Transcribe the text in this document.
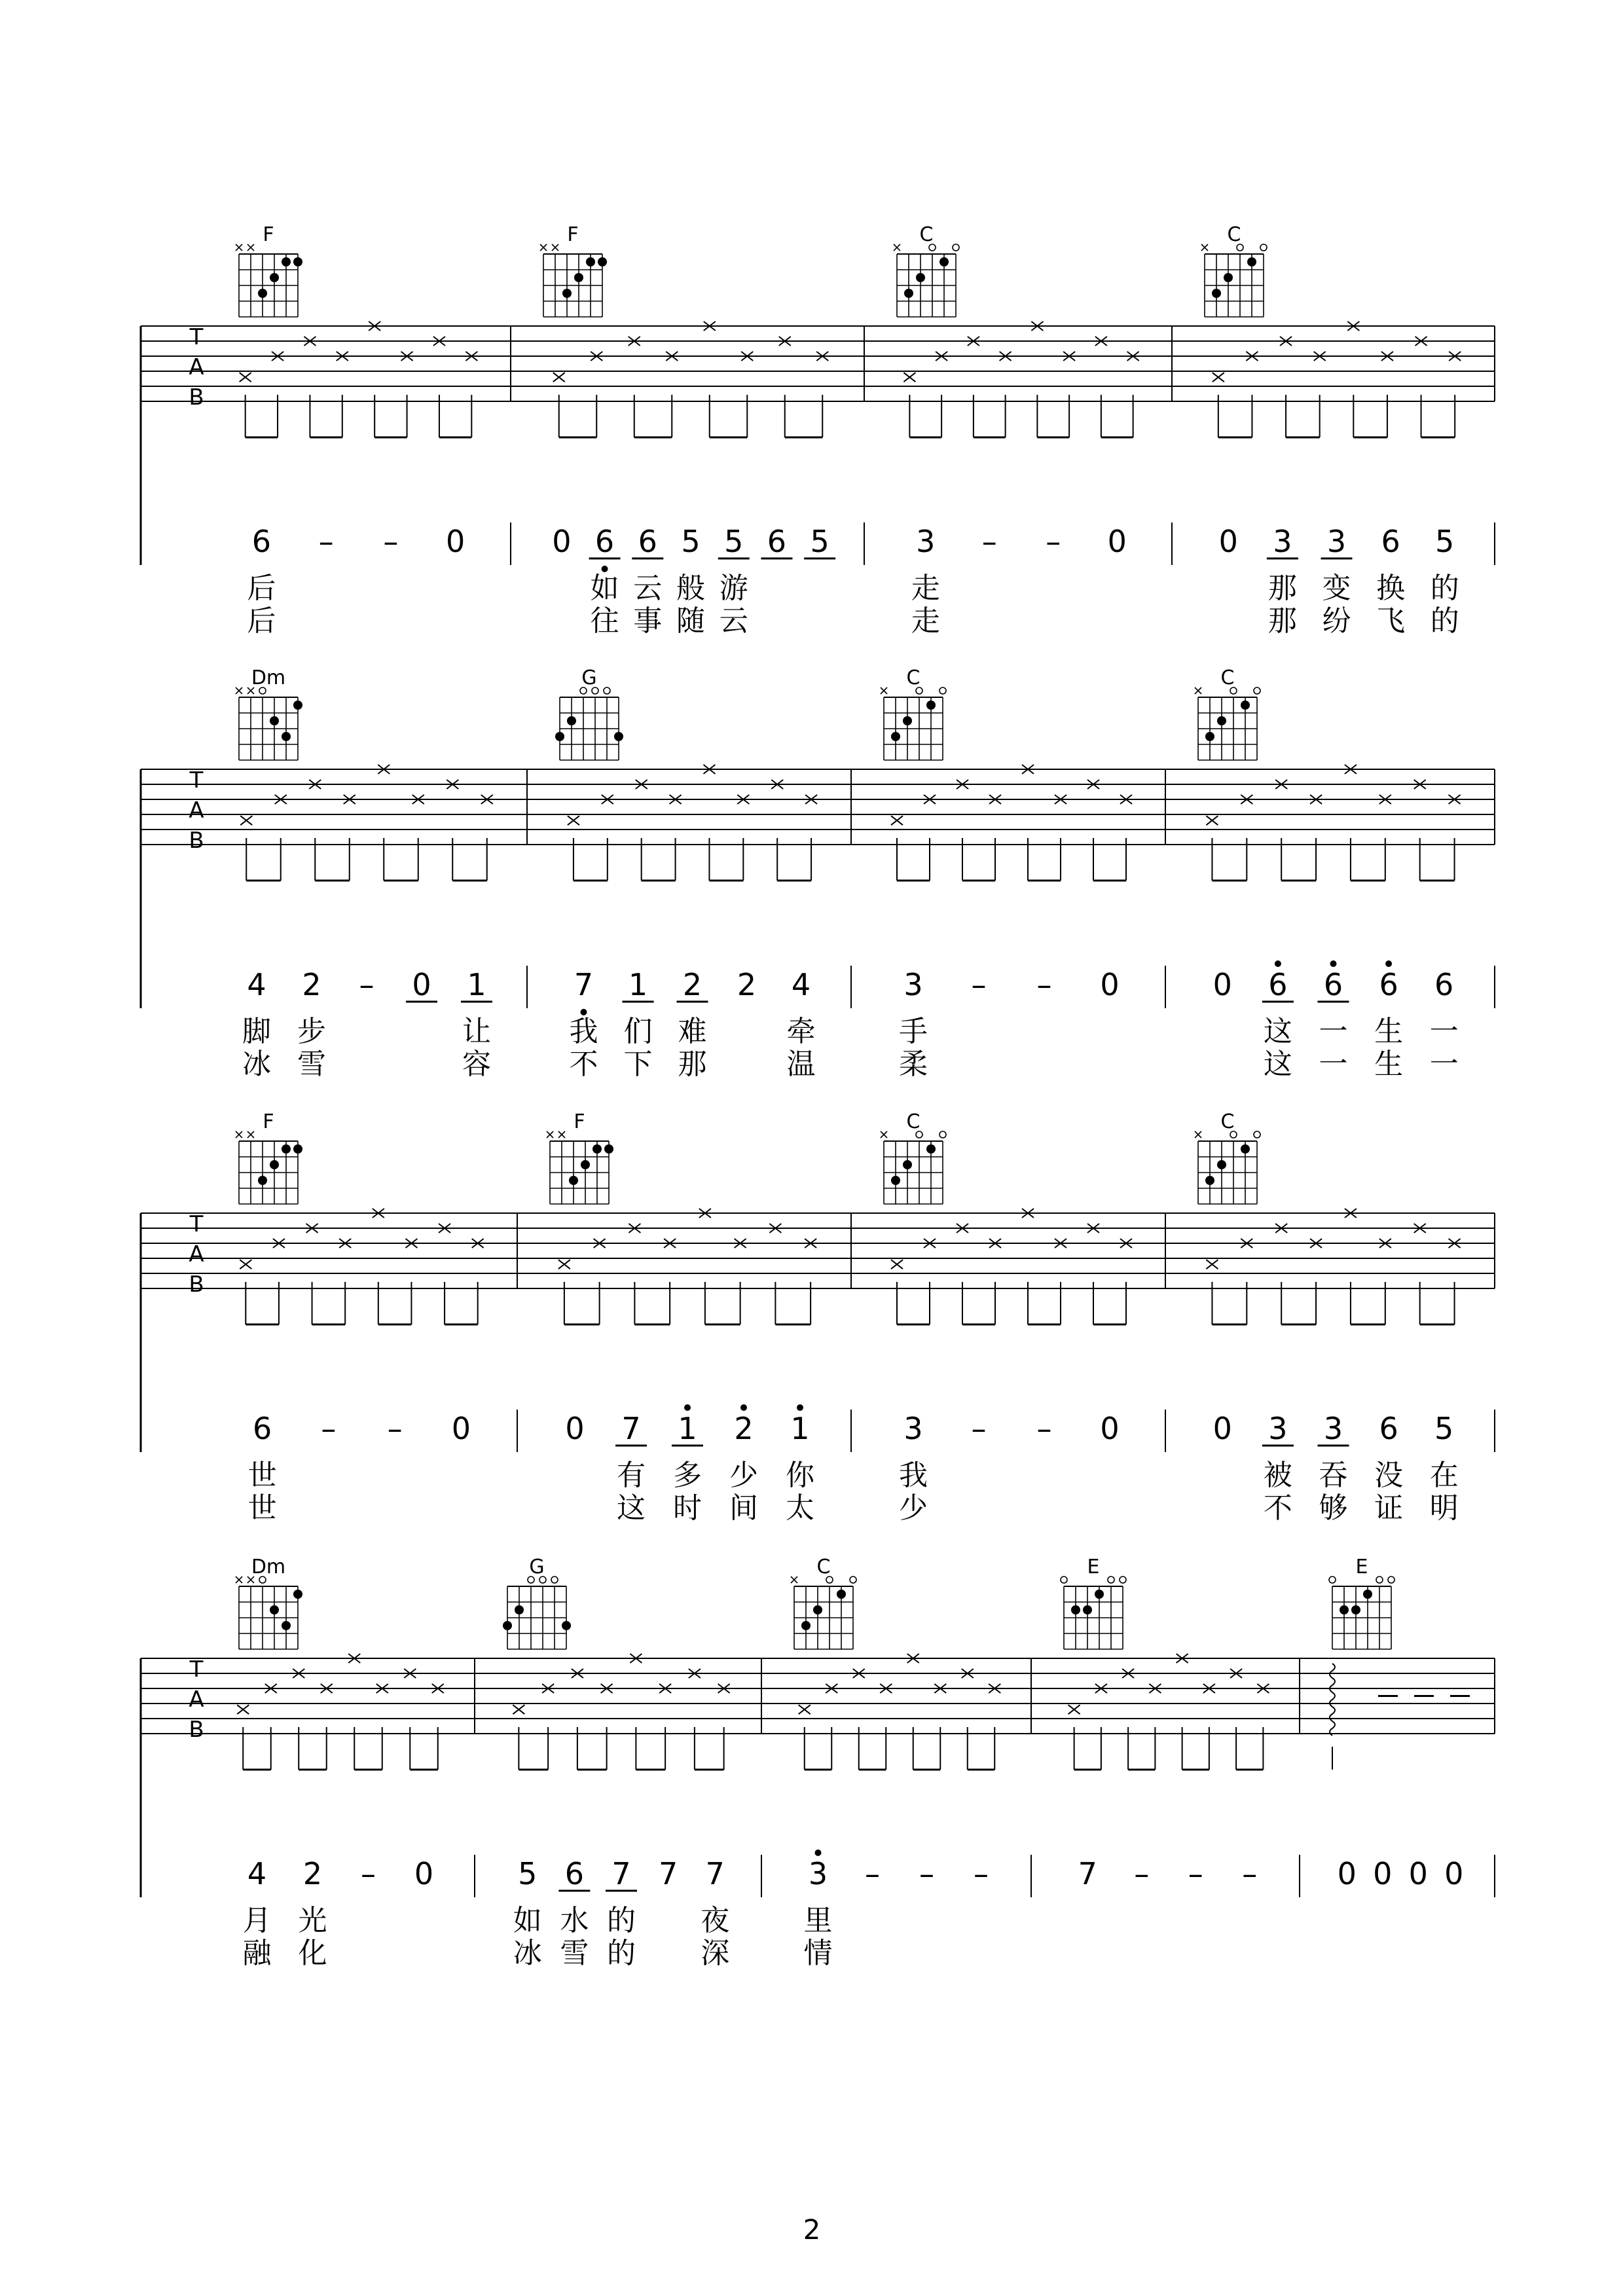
T
A
B
F
6 – – 0
后
后
F
0 6 6 5 5 6 5
如 云 般 游
往 事 随 云
C
3 – – 0
走
走
C
0 3 3 6 5
那 变 换 的
那 纷 飞 的
T
A
B
Dm
4 2 – 0 1
脚 步	让
冰 雪	容
G
7 1 2 2 4
我 们 难	牵
不 下 那	温
C
3 – – 0
手
柔
C
0 6 6 6 6
这 一 生 一
这 一 生 一
T
A
B
F
6 – – 0
世
世
F
0 7 1 2 1
有 多 少 你
这 时 间 太
C
3 – – 0
我
少
C
0 3 3 6 5
被 吞 没 在
不 够 证 明
T
A
B
Dm
4 2 – 0
月 光
融 化
G
5 6 7 7 7
如 水 的 夜
冰 雪 的 深
C
3 – – –
里
情
E
7 – – –
E
0 0 0 0
2
